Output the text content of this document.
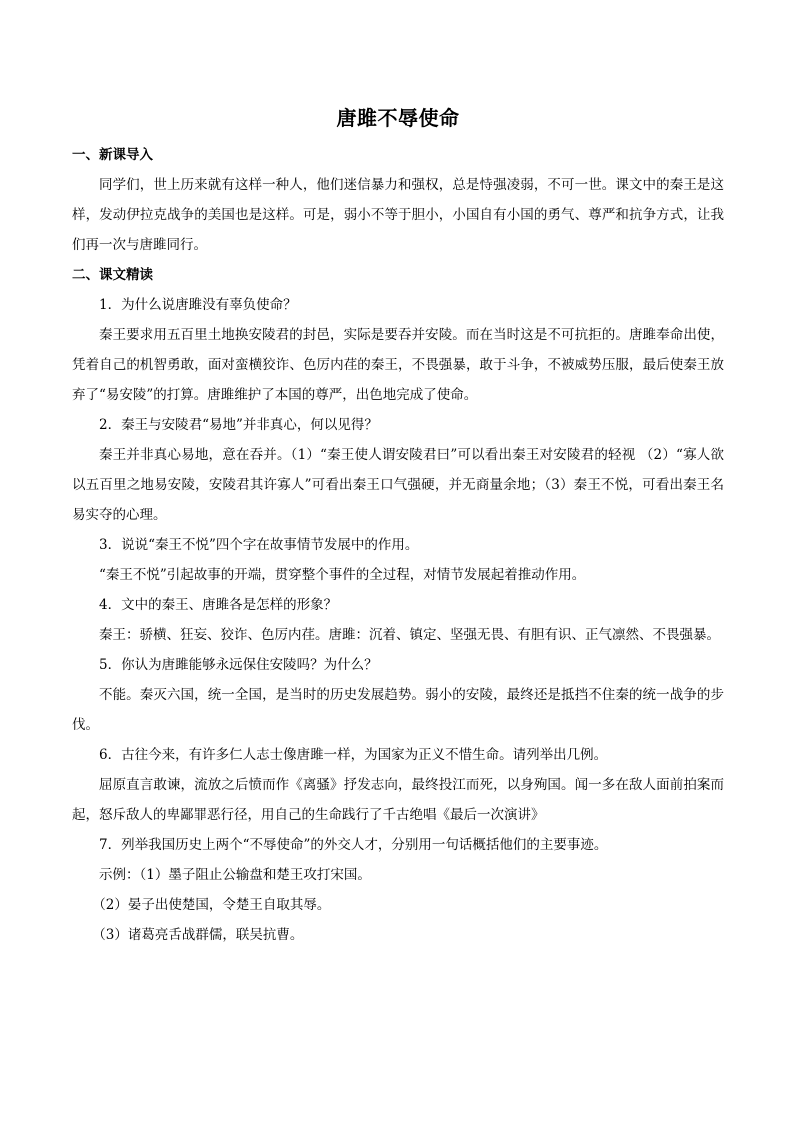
唐雎不辱使命

一、新课导入

同学们，世上历来就有这样一种人，他们迷信暴力和强权，总是恃强凌弱，不可一世。课文中的秦王是这样，发动伊拉克战争的美国也是这样。可是，弱小不等于胆小，小国自有小国的勇气、尊严和抗争方式，让我们再一次与唐雎同行。

二、课文精读

1．为什么说唐雎没有辜负使命？

秦王要求用五百里土地换安陵君的封邑，实际是要吞并安陵。而在当时这是不可抗拒的。唐雎奉命出使，凭着自己的机智勇敢，面对蛮横狡诈、色厉内荏的秦王，不畏强暴，敢于斗争，不被威势压服，最后使秦王放弃了“易安陵”的打算。唐雎维护了本国的尊严，出色地完成了使命。

2．秦王与安陵君“易地”并非真心，何以见得？

秦王并非真心易地，意在吞并。（1）“秦王使人谓安陵君曰”可以看出秦王对安陵君的轻视 （2）“寡人欲以五百里之地易安陵，安陵君其许寡人”可看出秦王口气强硬，并无商量余地；（3）秦王不悦，可看出秦王名易实夺的心理。

3．说说“秦王不悦”四个字在故事情节发展中的作用。

“秦王不悦”引起故事的开端，贯穿整个事件的全过程，对情节发展起着推动作用。

4．文中的秦王、唐雎各是怎样的形象？

秦王：骄横、狂妄、狡诈、色厉内荏。唐雎：沉着、镇定、坚强无畏、有胆有识、正气凛然、不畏强暴。

5．你认为唐雎能够永远保住安陵吗？为什么？

不能。秦灭六国，统一全国，是当时的历史发展趋势。弱小的安陵，最终还是抵挡不住秦的统一战争的步伐。

6．古往今来，有许多仁人志士像唐雎一样，为国家为正义不惜生命。请列举出几例。

屈原直言敢谏，流放之后愤而作《离骚》抒发志向，最终投江而死，以身殉国。闻一多在敌人面前拍案而起，怒斥敌人的卑鄙罪恶行径，用自己的生命践行了千古绝唱《最后一次演讲》

7．列举我国历史上两个“不辱使命”的外交人才，分别用一句话概括他们的主要事迹。

示例：（1）墨子阻止公输盘和楚王攻打宋国。

（2）晏子出使楚国，令楚王自取其辱。

（3）诸葛亮舌战群儒，联吴抗曹。
